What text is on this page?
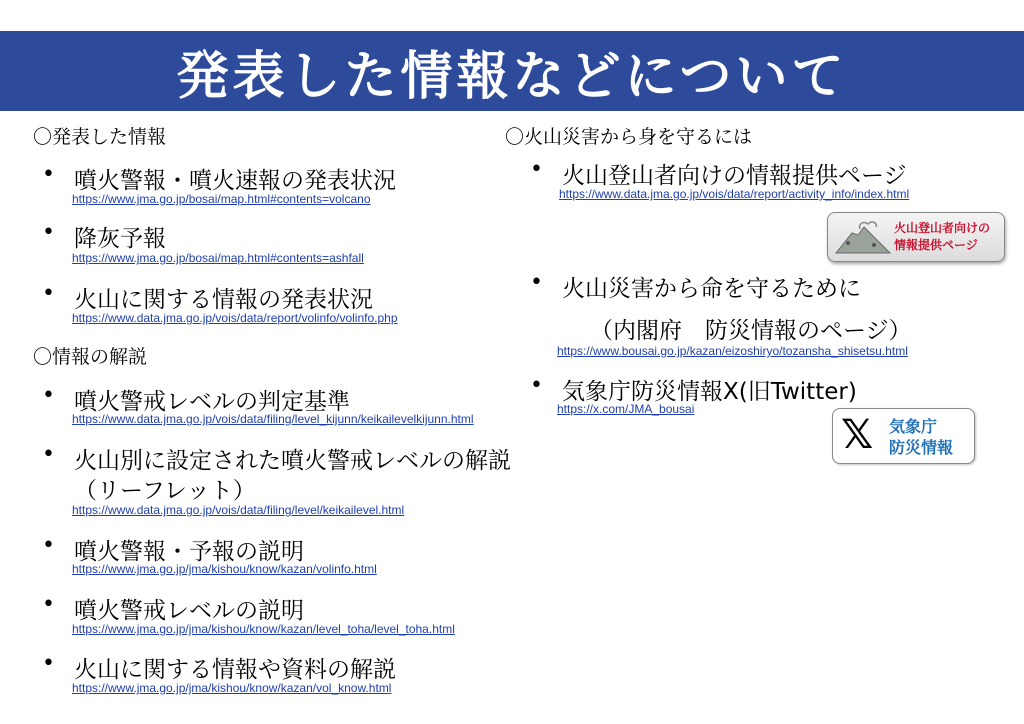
発表した情報などについて
〇発表した情報
• 噴火警報・噴火速報の発表状況
https://www.jma.go.jp/bosai/map.html#contents=volcano
• 降灰予報
https://www.jma.go.jp/bosai/map.html#contents=ashfall
• 火山に関する情報の発表状況
https://www.data.jma.go.jp/vois/data/report/volinfo/volinfo.php
〇情報の解説
• 噴火警戒レベルの判定基準
https://www.data.jma.go.jp/vois/data/filing/level_kijunn/keikailevelkijunn.html
• 火山別に設定された噴火警戒レベルの解説
（リーフレット）
https://www.data.jma.go.jp/vois/data/filing/level/keikailevel.html
• 噴火警報・予報の説明
https://www.jma.go.jp/jma/kishou/know/kazan/volinfo.html
• 噴火警戒レベルの説明
https://www.jma.go.jp/jma/kishou/know/kazan/level_toha/level_toha.html
• 火山に関する情報や資料の解説
https://www.jma.go.jp/jma/kishou/know/kazan/vol_know.html
〇火山災害から身を守るには
• 火山登山者向けの情報提供ページ
https://www.data.jma.go.jp/vois/data/report/activity_info/index.html
火山登山者向けの
情報提供ページ
• 火山災害から命を守るために
（内閣府　防災情報のページ）
https://www.bousai.go.jp/kazan/eizoshiryo/tozansha_shisetsu.html
• 気象庁防災情報X(旧Twitter)
https://x.com/JMA_bousai
𝕏 気象庁
防災情報
